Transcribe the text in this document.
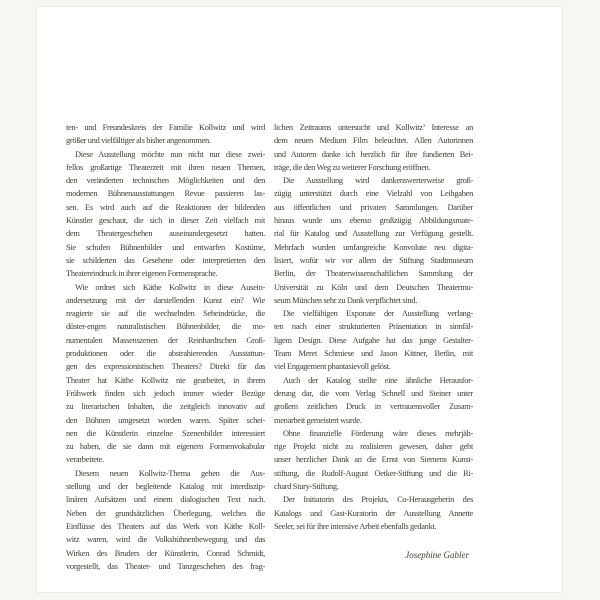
ten- und Freundeskreis der Familie Kollwitz und wird
größer und vielfältiger als bisher angenommen.
Diese Ausstellung möchte nun nicht nur diese zwei-
fellos großartige Theaterzeit mit ihren neuen Themen,
den veränderten technischen Möglichkeiten und den
modernen Bühnenausstattungen Revue passieren las-
sen. Es wird auch auf die Reaktionen der bildenden
Künstler geschaut, die sich in dieser Zeit vielfach mit
dem Theatergeschehen auseinandergesetzt hatten.
Sie schufen Bühnenbilder und entwarfen Kostüme,
sie schilderten das Gesehene oder interpretierten den
Theatereindruck in ihrer eigenen Formensprache.
Wie ordnet sich Käthe Kollwitz in diese Ausein-
andersetzung mit der darstellenden Kunst ein? Wie
reagierte sie auf die wechselnden Seheindrücke, die
düster-engen naturalistischen Bühnenbilder, die mo-
numentalen Massenszenen der Reinhardtschen Groß-
produktionen oder die abstrahierenden Ausstattun-
gen des expressionistischen Theaters? Direkt für das
Theater hat Käthe Kollwitz nie gearbeitet, in ihrem
Frühwerk finden sich jedoch immer wieder Bezüge
zu literarischen Inhalten, die zeitgleich innovativ auf
den Bühnen umgesetzt worden waren. Später schei-
nen die Künstlerin einzelne Szenenbilder interessiert
zu haben, die sie dann mit eigenem Formenvokabular
verarbeitete.
Diesem neuen Kollwitz-Thema gehen die Aus-
stellung und der begleitende Katalog mit interdiszip-
linären Aufsätzen und einem dialogischen Text nach.
Neben der grundsätzlichen Überlegung, welches die
Einflüsse des Theaters auf das Werk von Käthe Koll-
witz waren, wird die Volksbühnenbewegung und das
Wirken des Bruders der Künstlerin, Conrad Schmidt,
vorgestellt, das Theater- und Tanzgeschehen des frag-
lichen Zeitraums untersucht und Kollwitz’ Interesse an
dem neuen Medium Film beleuchtet. Allen Autorinnen
und Autoren danke ich herzlich für ihre fundierten Bei-
träge, die den Weg zu weiterer Forschung eröffnen.
Die Ausstellung wird dankenswerterweise groß-
zügig unterstützt durch eine Vielzahl von Leihgaben
aus öffentlichen und privaten Sammlungen. Darüber
hinaus wurde uns ebenso großzügig Abbildungsmate-
rial für Katalog und Ausstellung zur Verfügung gestellt.
Mehrfach wurden umfangreiche Konvolute neu digita-
lisiert, wofür wir vor allem der Stiftung Stadtmuseum
Berlin, der Theaterwissenschaftlichen Sammlung der
Universität zu Köln und dem Deutschen Theatermu-
seum München sehr zu Dank verpflichtet sind.
Die vielfältigen Exponate der Ausstellung verlang-
ten nach einer strukturierten Präsentation in sinnfäl-
ligem Design. Diese Aufgabe hat das junge Gestalter-
Team Meret Schmiese und Jason Kittner, Berlin, mit
viel Engagement phantasievoll gelöst.
Auch der Katalog stellte eine ähnliche Herausfor-
derung dar, die vom Verlag Schnell und Steiner unter
großem zeitlichen Druck in vertrauensvoller Zusam-
menarbeit gemeistert wurde.
Ohne finanzielle Förderung wäre dieses mehrjäh-
rige Projekt nicht zu realisieren gewesen, daher geht
unser herzlicher Dank an die Ernst von Siemens Kunst-
stiftung, die Rudolf-August Oetker-Stiftung und die Ri-
chard Stury-Stiftung.
Der Initiatorin des Projekts, Co-Herausgeberin des
Katalogs und Gast-Kuratorin der Ausstellung Annette
Seeler, sei für ihre intensive Arbeit ebenfalls gedankt.
Josephine Gabler
